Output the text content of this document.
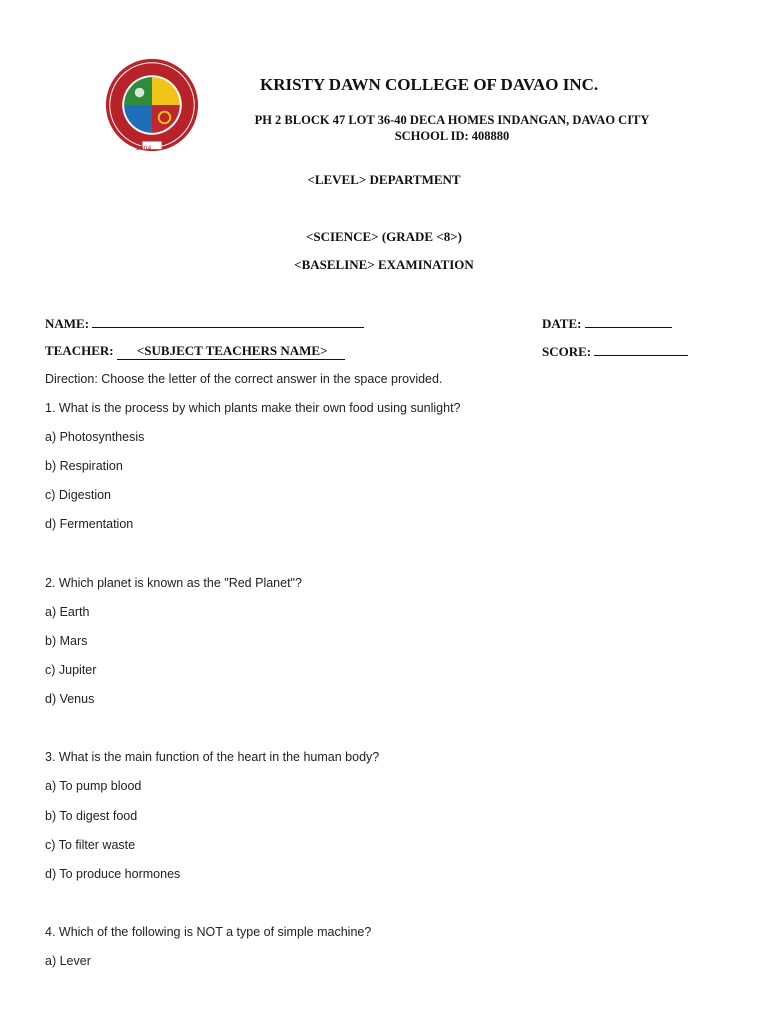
2004
KRISTY DAWN COLLEGE OF DAVAO INC.
PH 2 BLOCK 47 LOT 36-40 DECA HOMES INDANGAN, DAVAO CITY
SCHOOL ID: 408880
<LEVEL> DEPARTMENT
<SCIENCE> (GRADE <8>)
<BASELINE> EXAMINATION
NAME:	DATE:
TEACHER: <SUBJECT TEACHERS NAME>	SCORE:
Direction: Choose the letter of the correct answer in the space provided.
1. What is the process by which plants make their own food using sunlight?
a) Photosynthesis
b) Respiration
c) Digestion
d) Fermentation
2. Which planet is known as the "Red Planet"?
a) Earth
b) Mars
c) Jupiter
d) Venus
3. What is the main function of the heart in the human body?
a) To pump blood
b) To digest food
c) To filter waste
d) To produce hormones
4. Which of the following is NOT a type of simple machine?
a) Lever
